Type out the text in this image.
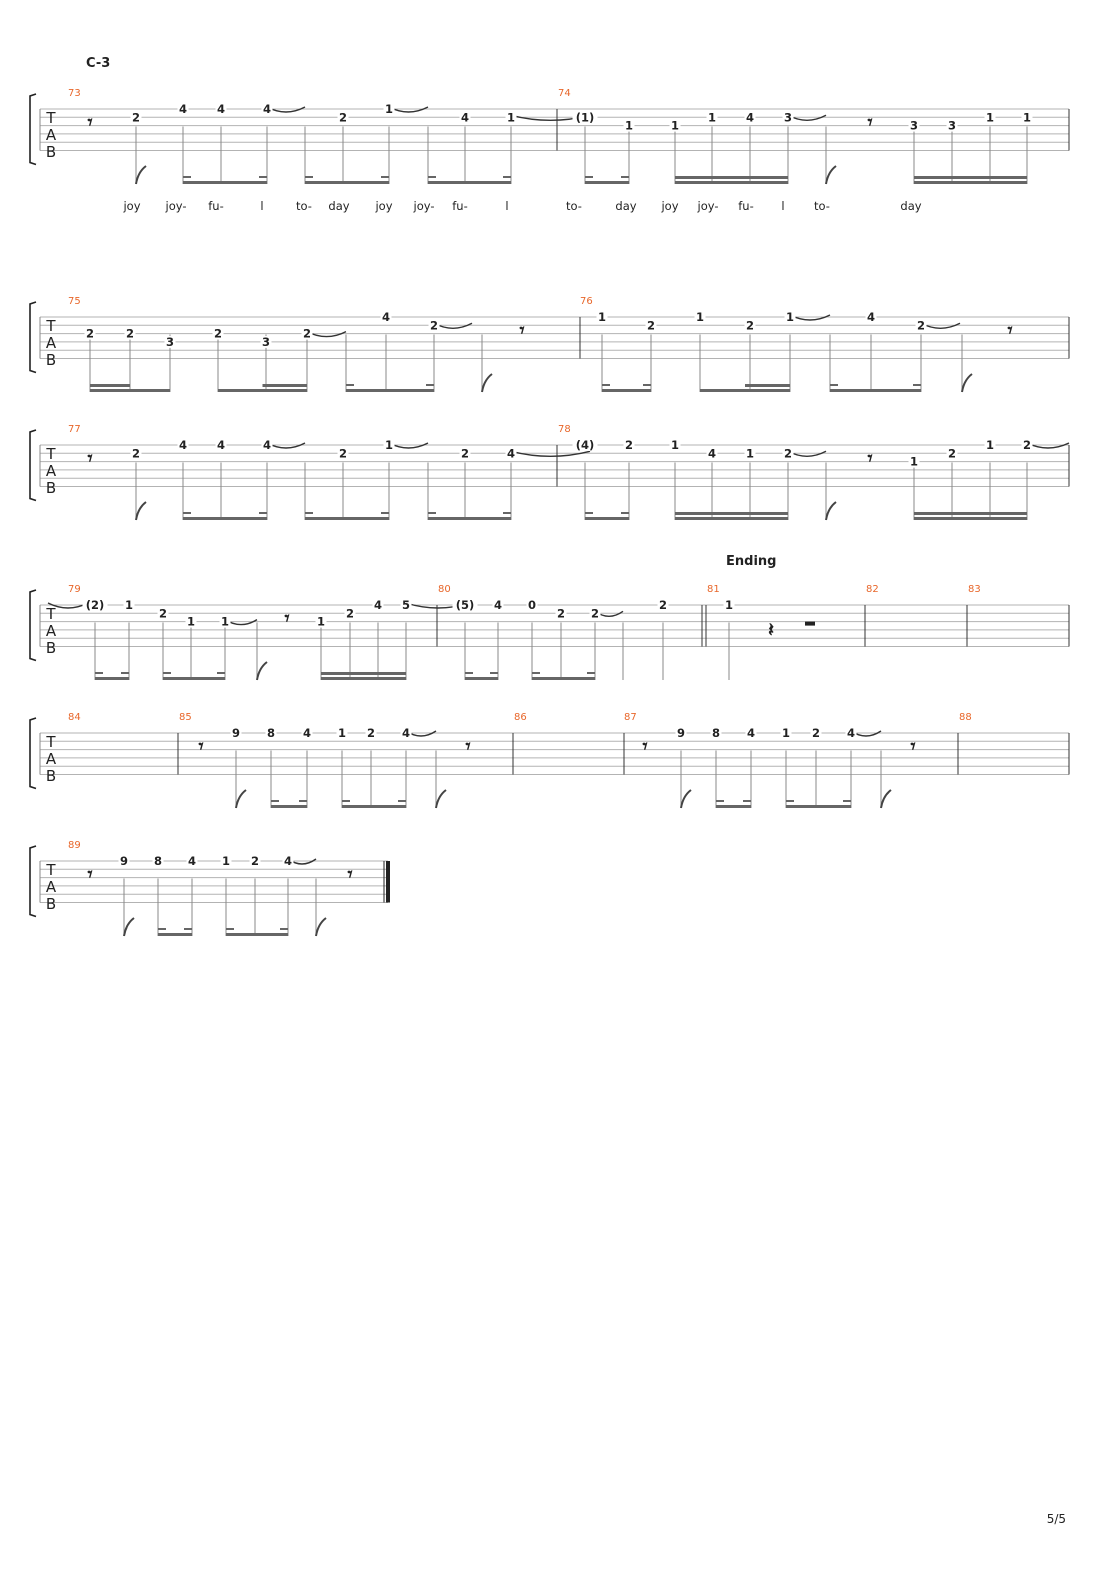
𝄾	𝄾
𝄾	𝄾
𝄾	𝄾
𝄾
𝄽
𝄾	𝄾	𝄾	𝄾
𝄾	𝄾
T
A
B
C-3
73
2
4	4	4
2
1
4	1
74
(1)
1	1
1	4	3
3	3
1	1
joy joy- fu-	l	to- day joy joy- fu-	l	to-	day joy joy- fu- l	to-	day
T
A
B
75
2	2
3
2
3
2
4
2
76
1
2
1
2
1	4
2
T
A
B
77
2
4	4	4
2
1
2	4
78
(4)	2	1
4	1	2
1
2
1	2
T
A
B
Ending
79
(2) 1
2
1 1	1
2
4 5
80
(5) 4 0
2 2
2
81
1
82	83
T
A
B
84	85
9 8 4 1 2 4
86	87
9 8 4 1 2 4
88
T
A
B
89
9 8 4 1 2 4
5/5
